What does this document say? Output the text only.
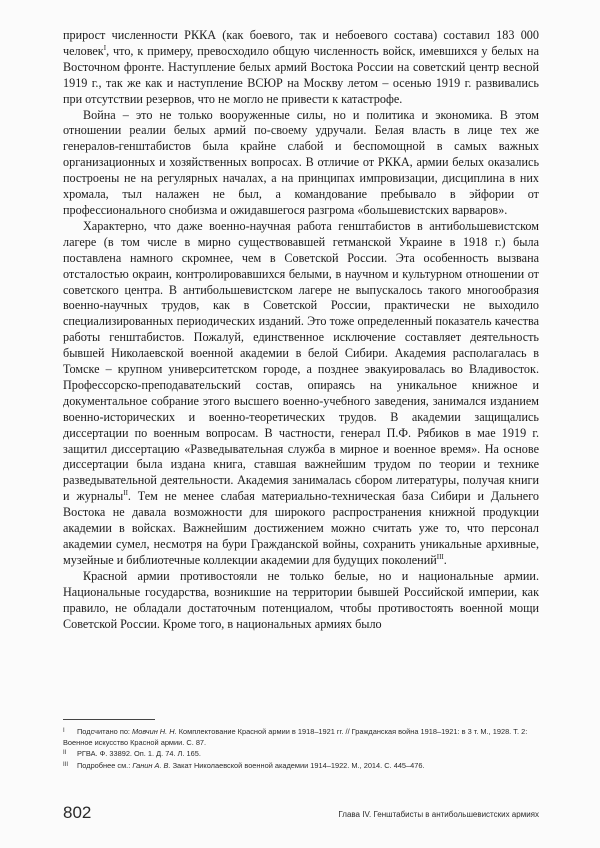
прирост численности РККА (как боевого, так и небоевого состава) составил 183 000 человек$^I$, что, к примеру, превосходило общую численность войск, имевшихся у белых на Восточном фронте. Наступление белых армий Востока России на советский центр весной 1919 г., так же как и наступление ВСЮР на Москву летом – осенью 1919 г. развивались при отсутствии резервов, что не могло не привести к катастрофе.

Война – это не только вооруженные силы, но и политика и экономика. В этом отношении реалии белых армий по-своему удручали. Белая власть в лице тех же генералов-генштабистов была крайне слабой и беспомощной в самых важных организационных и хозяйственных вопросах. В отличие от РККА, армии белых оказались построены не на регулярных началах, а на принципах импровизации, дисциплина в них хромала, тыл налажен не был, а командование пребывало в эйфории от профессионального снобизма и ожидавшегося разгрома «большевистских варваров».

Характерно, что даже военно-научная работа генштабистов в антибольшевистском лагере (в том числе в мирно существовавшей гетманской Украине в 1918 г.) была поставлена намного скромнее, чем в Советской России. Эта особенность вызвана отсталостью окраин, контролировавшихся белыми, в научном и культурном отношении от советского центра. В антибольшевистском лагере не выпускалось такого многообразия военно-научных трудов, как в Советской России, практически не выходило специализированных периодических изданий. Это тоже определенный показатель качества работы генштабистов. Пожалуй, единственное исключение составляет деятельность бывшей Николаевской военной академии в белой Сибири. Академия располагалась в Томске – крупном университетском городе, а позднее эвакуировалась во Владивосток. Профессорско-преподавательский состав, опираясь на уникальное книжное и документальное собрание этого высшего военно-учебного заведения, занимался изданием военно-исторических и военно-теоретических трудов. В академии защищались диссертации по военным вопросам. В частности, генерал П.Ф. Рябиков в мае 1919 г. защитил диссертацию «Разведывательная служба в мирное и военное время». На основе диссертации была издана книга, ставшая важнейшим трудом по теории и технике разведывательной деятельности. Академия занималась сбором литературы, получая книги и журналы$^{II}$. Тем не менее слабая материально-техническая база Сибири и Дальнего Востока не давала возможности для широкого распространения книжной продукции академии в войсках. Важнейшим достижением можно считать уже то, что персонал академии сумел, несмотря на бури Гражданской войны, сохранить уникальные архивные, музейные и библиотечные коллекции академии для будущих поколений$^{III}$.

Красной армии противостояли не только белые, но и национальные армии. Национальные государства, возникшие на территории бывшей Российской империи, как правило, не обладали достаточным потенциалом, чтобы противостоять военной мощи Советской России. Кроме того, в национальных армиях было

I Подсчитано по: Мовчин Н. Н. Комплектование Красной армии в 1918–1921 гг. // Гражданская война 1918–1921: в 3 т. М., 1928. Т. 2: Военное искусство Красной армии. С. 87.

II РГВА. Ф. 33892. Оп. 1. Д. 74. Л. 165.

III Подробнее см.: Ганин А. В. Закат Николаевской военной академии 1914–1922. М., 2014. С. 445–476.

802	Глава IV. Генштабисты в антибольшевистских армиях
